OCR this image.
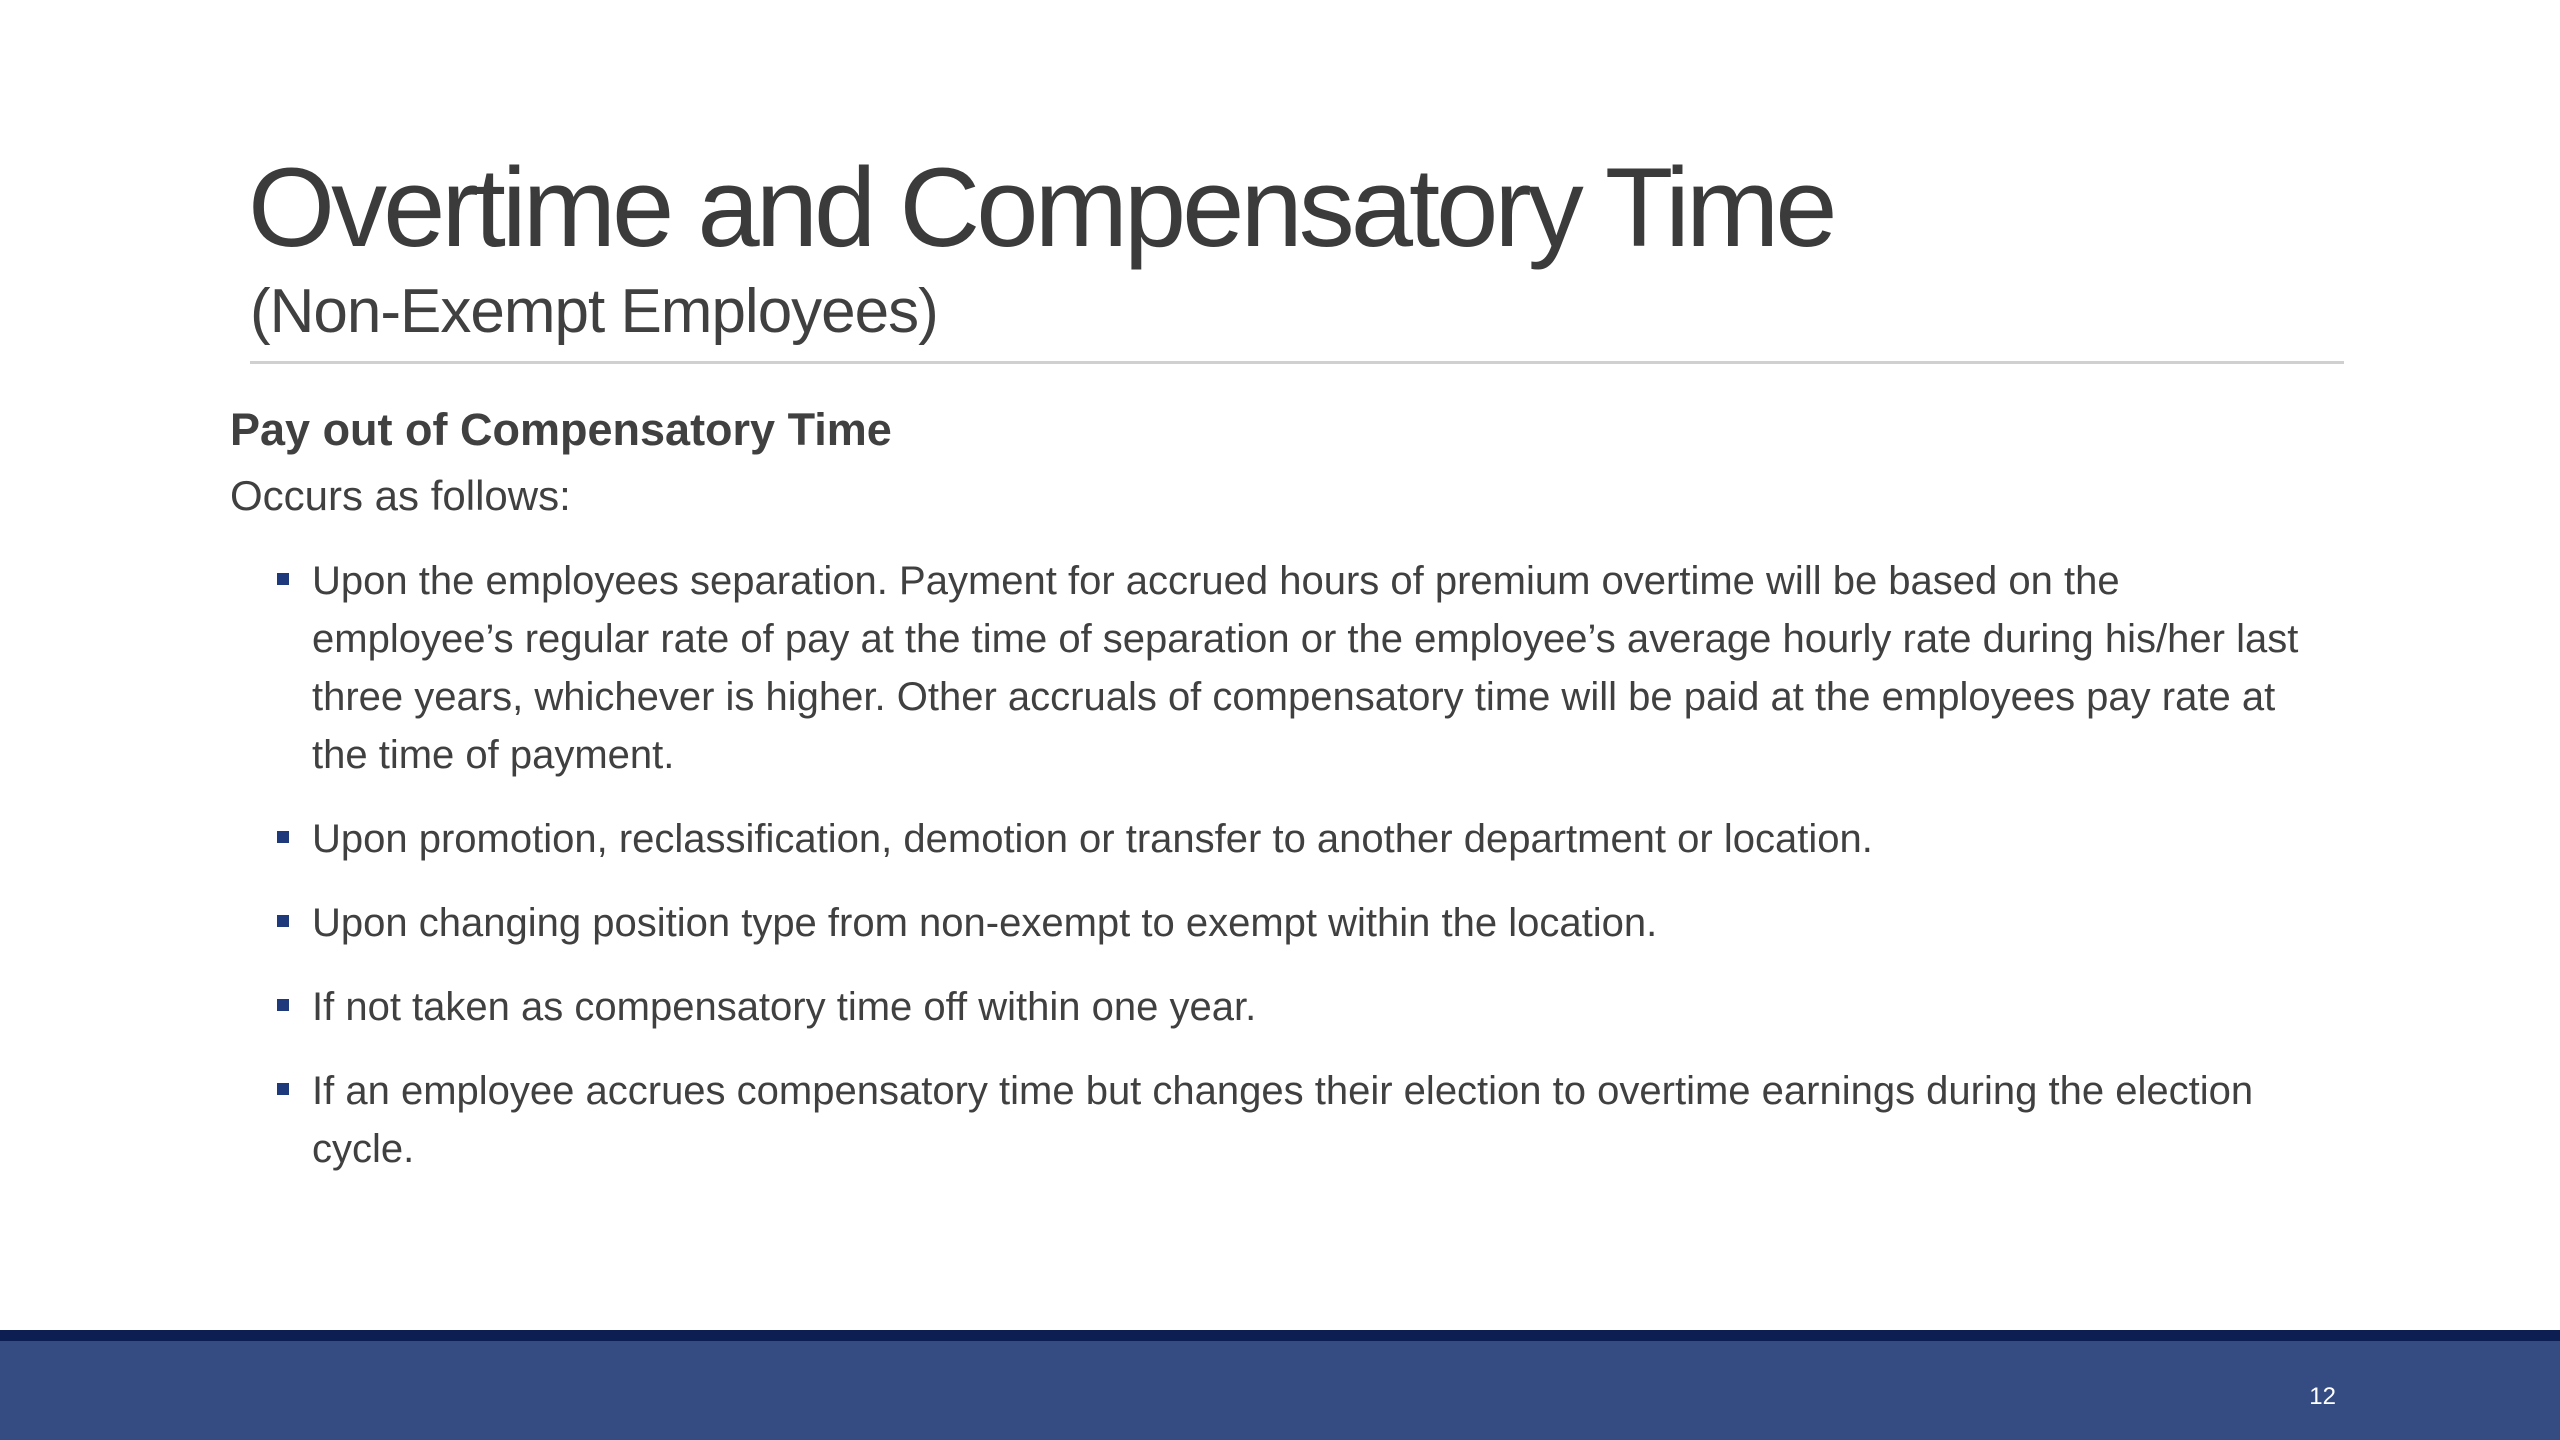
Overtime and Compensatory Time
(Non-Exempt Employees)
Pay out of Compensatory Time

Occurs as follows:

Upon the employees separation. Payment for accrued hours of premium overtime will be based on the employee’s regular rate of pay at the time of separation or the employee’s average hourly rate during his/her last three years, whichever is higher. Other accruals of compensatory time will be paid at the employees pay rate at the time of payment.
Upon promotion, reclassification, demotion or transfer to another department or location.
Upon changing position type from non-exempt to exempt within the location.
If not taken as compensatory time off within one year.
If an employee accrues compensatory time but changes their election to overtime earnings during the election cycle.
12
